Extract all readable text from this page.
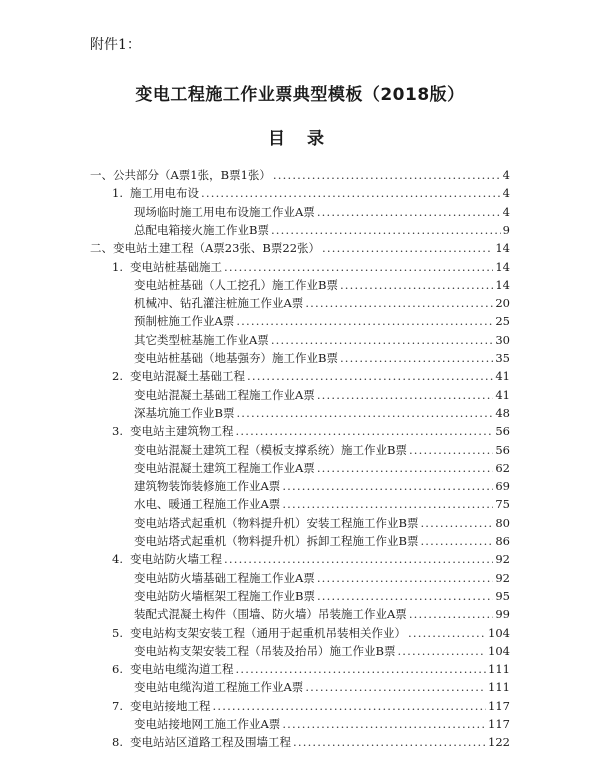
附件1：
变电工程施工作业票典型模板（2018版）
目 录
一、公共部分（A票1张，B票1张） .....	4
1. 施工用电布设 .....	4
现场临时施工用电布设施工作业A票 .....	4
总配电箱接火施工作业B票 .....	9
二、变电站土建工程（A票23张、B票22张） .....	14
1. 变电站桩基础施工 .....	14
变电站桩基础（人工挖孔）施工作业B票 .....	14
机械冲、钻孔灌注桩施工作业A票 .....	20
预制桩施工作业A票 .....	25
其它类型桩基施工作业A票 .....	30
变电站桩基础（地基强夯）施工作业B票 .....	35
2. 变电站混凝土基础工程 .....	41
变电站混凝土基础工程施工作业A票 .....	41
深基坑施工作业B票 .....	48
3. 变电站主建筑物工程 .....	56
变电站混凝土建筑工程（模板支撑系统）施工作业B票 .....	56
变电站混凝土建筑工程施工作业A票 .....	62
建筑物装饰装修施工作业A票 .....	69
水电、暖通工程施工作业A票 .....	75
变电站塔式起重机（物料提升机）安装工程施工作业B票 .....	80
变电站塔式起重机（物料提升机）拆卸工程施工作业B票 .....	86
4. 变电站防火墙工程 .....	92
变电站防火墙基础工程施工作业A票 .....	92
变电站防火墙框架工程施工作业B票 .....	95
装配式混凝土构件（围墙、防火墙）吊装施工作业A票 .....	99
5. 变电站构支架安装工程（通用于起重机吊装相关作业） .....	104
变电站构支架安装工程（吊装及抬吊）施工作业B票 .....	104
6. 变电站电缆沟道工程 .....	111
变电站电缆沟道工程施工作业A票 .....	111
7. 变电站接地工程 .....	117
变电站接地网工施工作业A票 .....	117
8. 变电站站区道路工程及围墙工程 .....	122
